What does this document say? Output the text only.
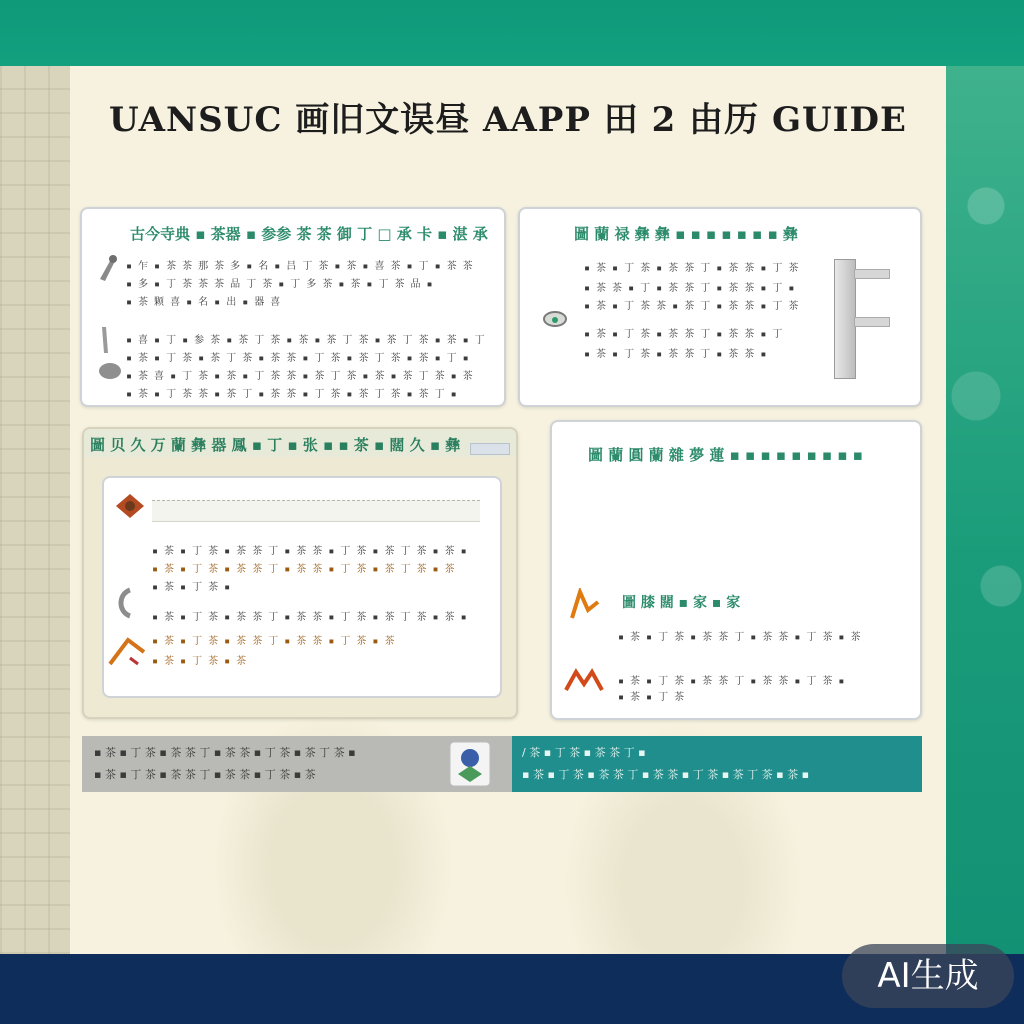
UANSUC 画旧文误昼 AAPP 田 2 由历 GUIDE
古今寺典 ▪ 茶器 ▪ 参参 茶 茶 御 丁 □ 承 卡 ▪ 湛 承
▪ 乍 ▪ 茶 茶 那 茶 多 ▪ 名 ▪ 吕 丁 茶 ▪ 茶 ▪ 喜 茶 ▪ 丁 ▪ 茶 茶
▪ 多 ▪ 丁 茶 茶 茶 品 丁 茶 ▪ 丁 多 茶 ▪ 茶 ▪ 丁 茶 品 ▪
▪ 茶 颗 喜 ▪ 名 ▪ 出 ▪ 器 喜
▪ 喜 ▪ 丁 ▪ 参 茶 ▪ 茶 丁 茶 ▪ 茶 ▪ 茶 丁 茶 ▪ 茶 丁 茶 ▪ 茶 ▪ 丁
▪ 茶 ▪ 丁 茶 ▪ 茶 丁 茶 ▪ 茶 茶 ▪ 丁 茶 ▪ 茶 丁 茶 ▪ 茶 ▪ 丁 ▪
▪ 茶 喜 ▪ 丁 茶 ▪ 茶 ▪ 丁 茶 茶 ▪ 茶 丁 茶 ▪ 茶 ▪ 茶 丁 茶 ▪ 茶
▪ 茶 ▪ 丁 茶 茶 ▪ 茶 丁 ▪ 茶 茶 ▪ 丁 茶 ▪ 茶 丁 茶 ▪ 茶 丁 ▪
圖 蘭 禄 彝 彝 ▪ ▪ ▪ ▪ ▪ ▪ ▪ 彝
▪ 茶 ▪ 丁 茶 ▪ 茶 茶 丁 ▪ 茶 茶 ▪ 丁 茶
▪ 茶 茶 ▪ 丁 ▪ 茶 茶 丁 ▪ 茶 茶 ▪ 丁 ▪
▪ 茶 ▪ 丁 茶 茶 ▪ 茶 丁 ▪ 茶 茶 ▪ 丁 茶
▪ 茶 ▪ 丁 茶 ▪ 茶 茶 丁 ▪ 茶 茶 ▪ 丁
▪ 茶 ▪ 丁 茶 ▪ 茶 茶 丁 ▪ 茶 茶 ▪
圖 贝 久 万 蘭 彝 器 鳳 ▪ 丁 ▪ 张 ▪ ▪ 茶 ▪ 闊 久 ▪ 彝
▪ 茶 ▪ 丁 茶 ▪ 茶 茶 丁 ▪ 茶 茶 ▪ 丁 茶 ▪ 茶 丁 茶 ▪ 茶 ▪
▪ 茶 ▪ 丁 茶 ▪ 茶 茶 丁 ▪ 茶 茶 ▪ 丁 茶 ▪ 茶 丁 茶 ▪ 茶
▪ 茶 ▪ 丁 茶 ▪
▪ 茶 ▪ 丁 茶 ▪ 茶 茶 丁 ▪ 茶 茶 ▪ 丁 茶 ▪ 茶 丁 茶 ▪ 茶 ▪
▪ 茶 ▪ 丁 茶 ▪ 茶 茶 丁 ▪ 茶 茶 ▪ 丁 茶 ▪ 茶
▪ 茶 ▪ 丁 茶 ▪ 茶
圖 蘭 圓 蘭 雜 夢 蓮 ▪ ▪ ▪ ▪ ▪ ▪ ▪ ▪ ▪
圖 膝 闊 ▪ 家 ▪ 家
▪ 茶 ▪ 丁 茶 ▪ 茶 茶 丁 ▪ 茶 茶 ▪ 丁 茶 ▪ 茶
▪ 茶 ▪ 丁 茶 ▪ 茶 茶 丁 ▪ 茶 茶 ▪ 丁 茶 ▪
▪ 茶 ▪ 丁 茶
▪ 茶 ▪ 丁 茶 ▪ 茶 茶 丁 ▪ 茶 茶 ▪ 丁 茶 ▪ 茶 丁 茶 ▪
▪ 茶 ▪ 丁 茶 ▪ 茶 茶 丁 ▪ 茶 茶 ▪ 丁 茶 ▪ 茶
/ 茶 ▪ 丁 茶 ▪ 茶 茶 丁 ▪
▪ 茶 ▪ 丁 茶 ▪ 茶 茶 丁 ▪ 茶 茶 ▪ 丁 茶 ▪ 茶 丁 茶 ▪ 茶 ▪
AI生成
